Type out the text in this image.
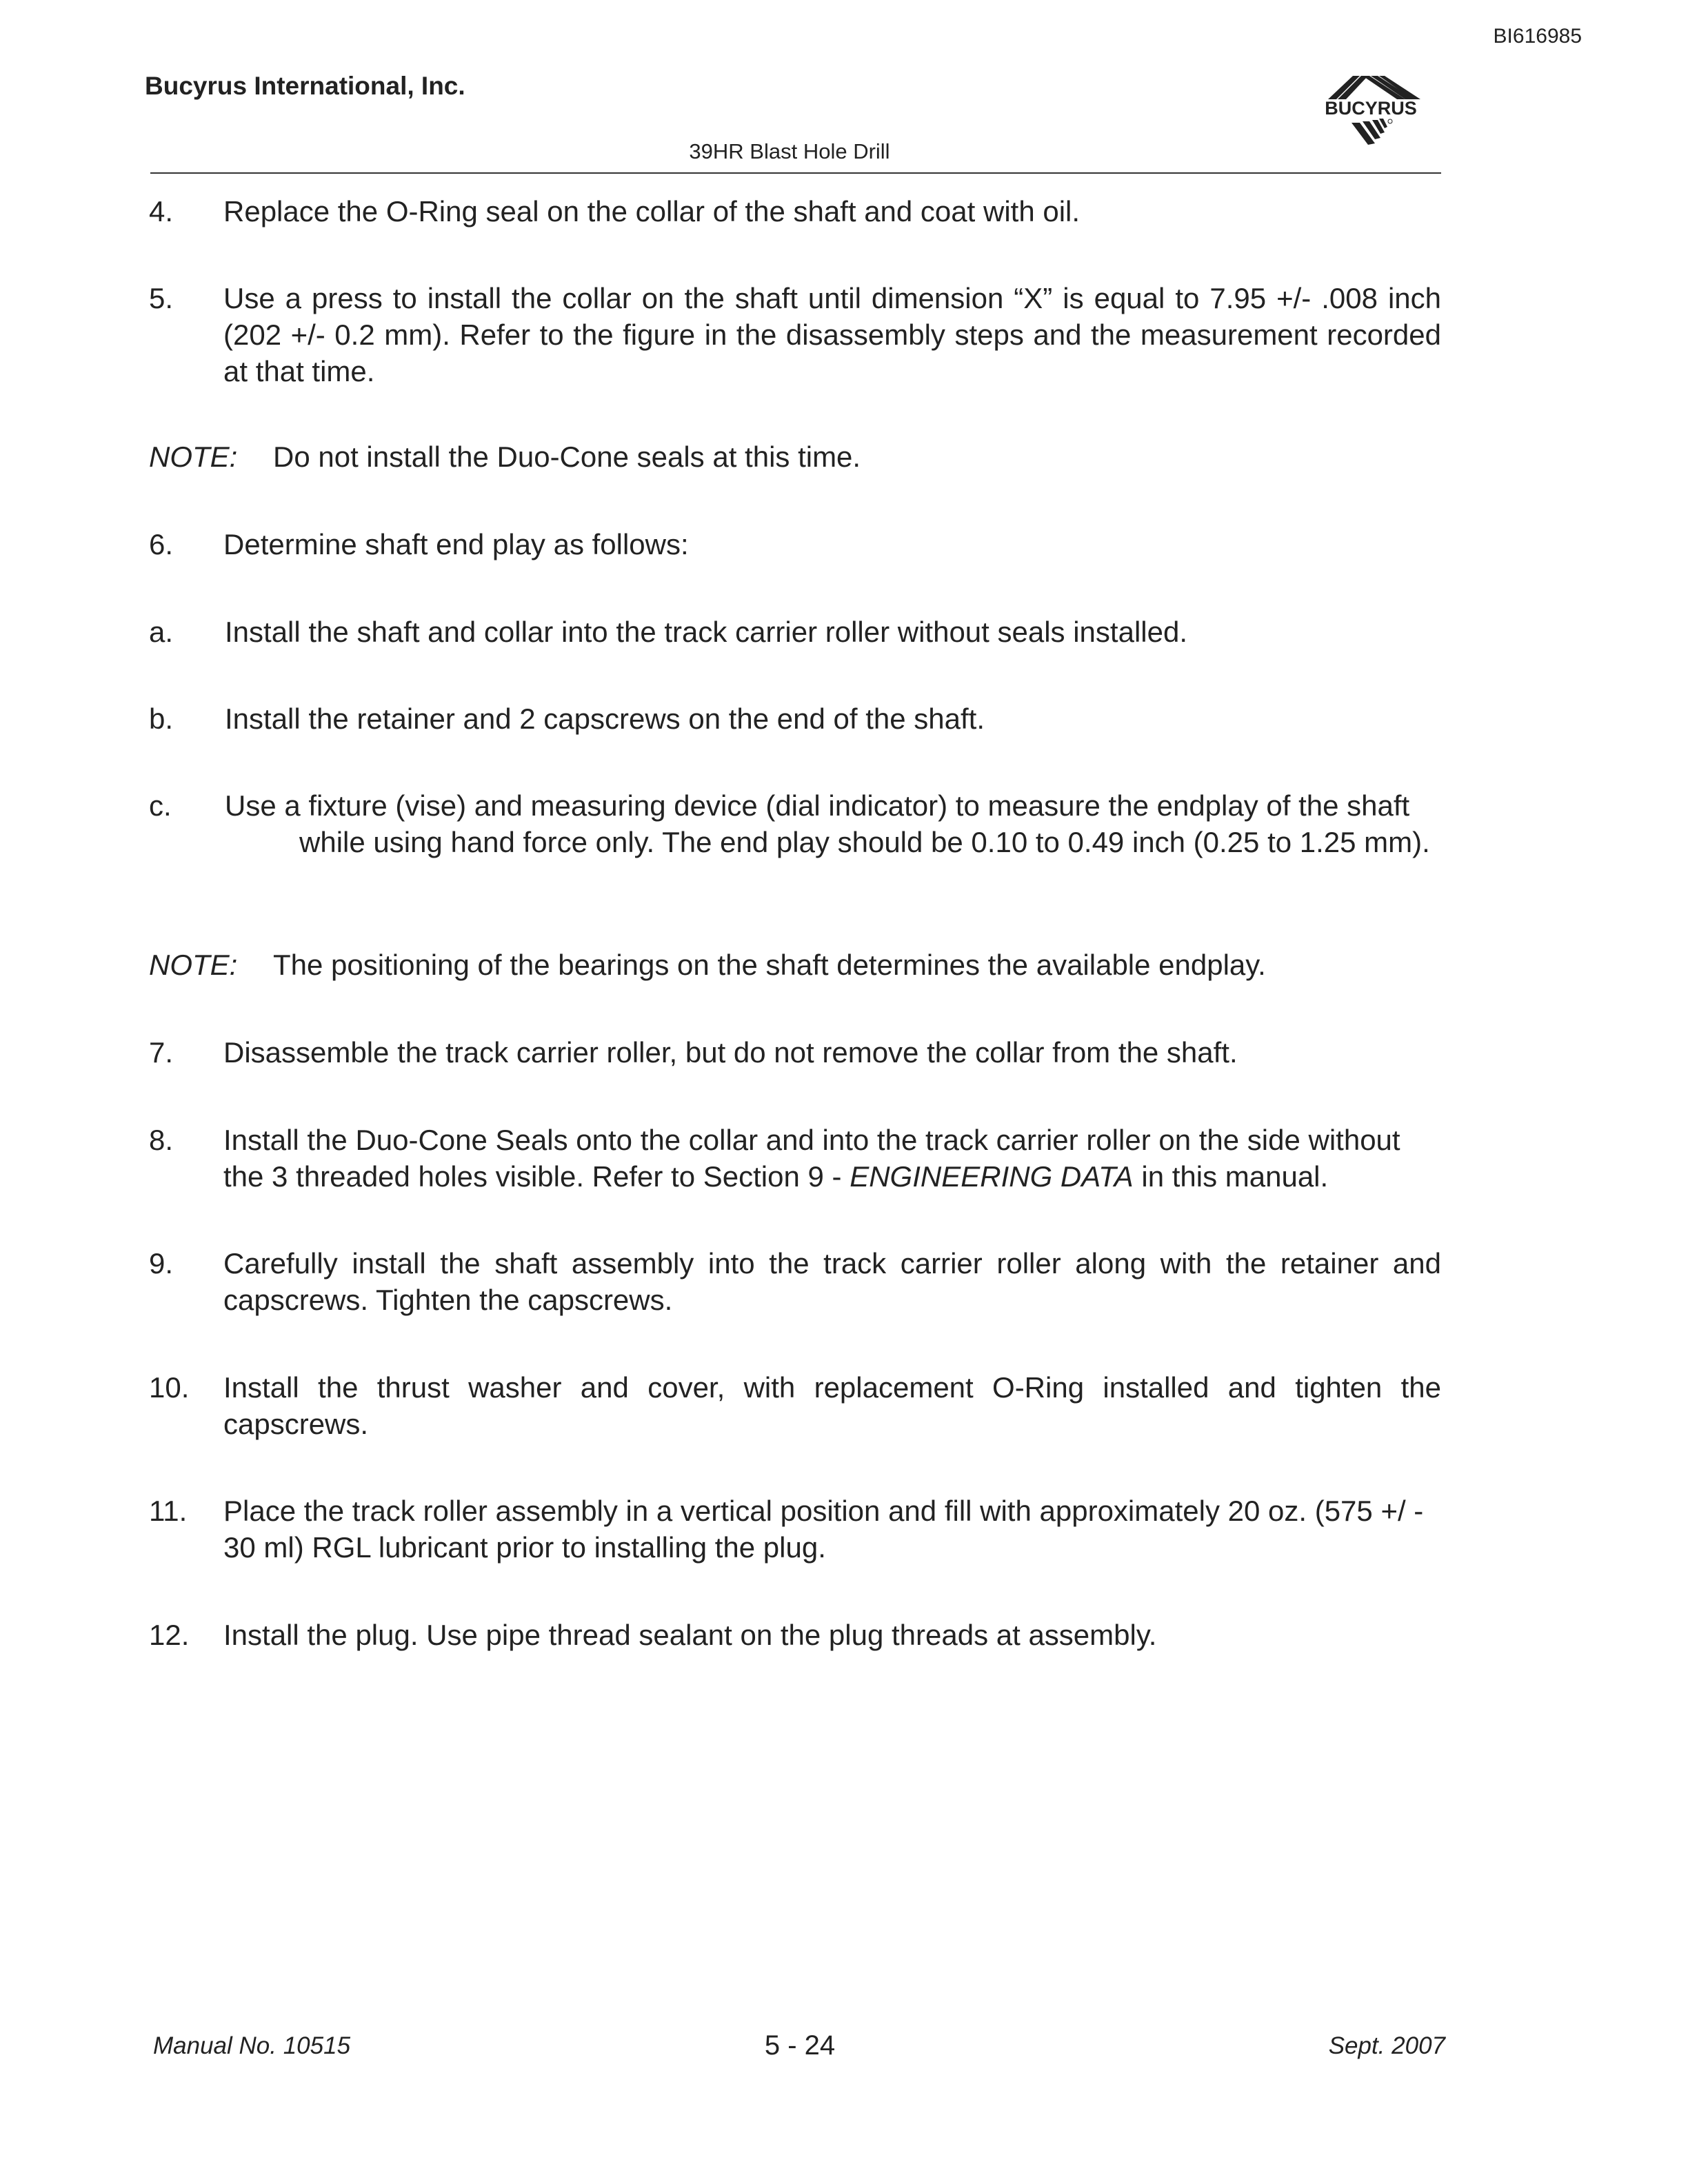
BI616985
Bucyrus International, Inc.
BUCYRUS
39HR Blast Hole Drill
4. Replace the O-Ring seal on the collar of the shaft and coat with oil.
5. Use a press to install the collar on the shaft until dimension “X” is equal to 7.95 +/- .008 inch (202 +/- 0.2 mm). Refer to the figure in the disassembly steps and the measurement recorded at that time.
NOTE: Do not install the Duo-Cone seals at this time.
6. Determine shaft end play as follows:
a. Install the shaft and collar into the track carrier roller without seals installed.
b. Install the retainer and 2 capscrews on the end of the shaft.
c. Use a fixture (vise) and measuring device (dial indicator) to measure the endplay of the shaft
while using hand force only. The end play should be 0.10 to 0.49 inch (0.25 to 1.25 mm).
NOTE: The positioning of the bearings on the shaft determines the available endplay.
7. Disassemble the track carrier roller, but do not remove the collar from the shaft.
8. Install the Duo-Cone Seals onto the collar and into the track carrier roller on the side without the 3 threaded holes visible. Refer to Section 9 - ENGINEERING DATA in this manual.
9. Carefully install the shaft assembly into the track carrier roller along with the retainer and capscrews. Tighten the capscrews.
10. Install the thrust washer and cover, with replacement O-Ring installed and tighten the capscrews.
11. Place the track roller assembly in a vertical position and fill with approximately 20 oz. (575 +/ - 30 ml) RGL lubricant prior to installing the plug.
12. Install the plug. Use pipe thread sealant on the plug threads at assembly.
Manual No. 10515	5 - 24	Sept. 2007
